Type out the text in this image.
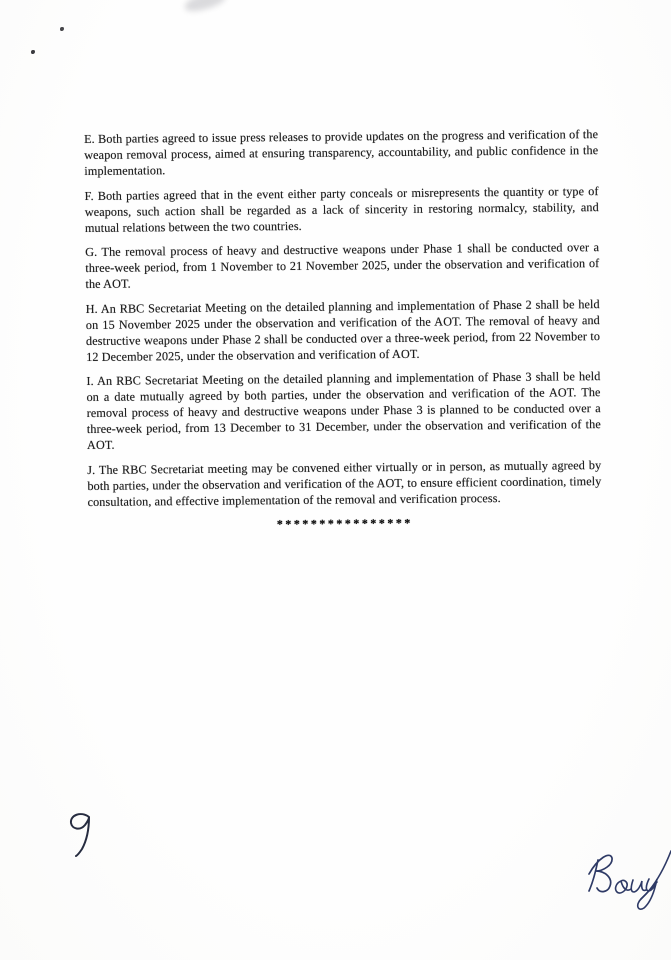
E. Both parties agreed to issue press releases to provide updates on the progress and verification of the weapon removal process, aimed at ensuring transparency, accountability, and public confidence in the implementation.

F. Both parties agreed that in the event either party conceals or misrepresents the quantity or type of weapons, such action shall be regarded as a lack of sincerity in restoring normalcy, stability, and mutual relations between the two countries.

G. The removal process of heavy and destructive weapons under Phase 1 shall be conducted over a three-week period, from 1 November to 21 November 2025, under the observation and verification of the AOT.

H. An RBC Secretariat Meeting on the detailed planning and implementation of Phase 2 shall be held on 15 November 2025 under the observation and verification of the AOT. The removal of heavy and destructive weapons under Phase 2 shall be conducted over a three-week period, from 22 November to 12 December 2025, under the observation and verification of AOT.

I. An RBC Secretariat Meeting on the detailed planning and implementation of Phase 3 shall be held on a date mutually agreed by both parties, under the observation and verification of the AOT. The removal process of heavy and destructive weapons under Phase 3 is planned to be conducted over a three-week period, from 13 December to 31 December, under the observation and verification of the AOT.

J. The RBC Secretariat meeting may be convened either virtually or in person, as mutually agreed by both parties, under the observation and verification of the AOT, to ensure efficient coordination, timely consultation, and effective implementation of the removal and verification process.

****************
